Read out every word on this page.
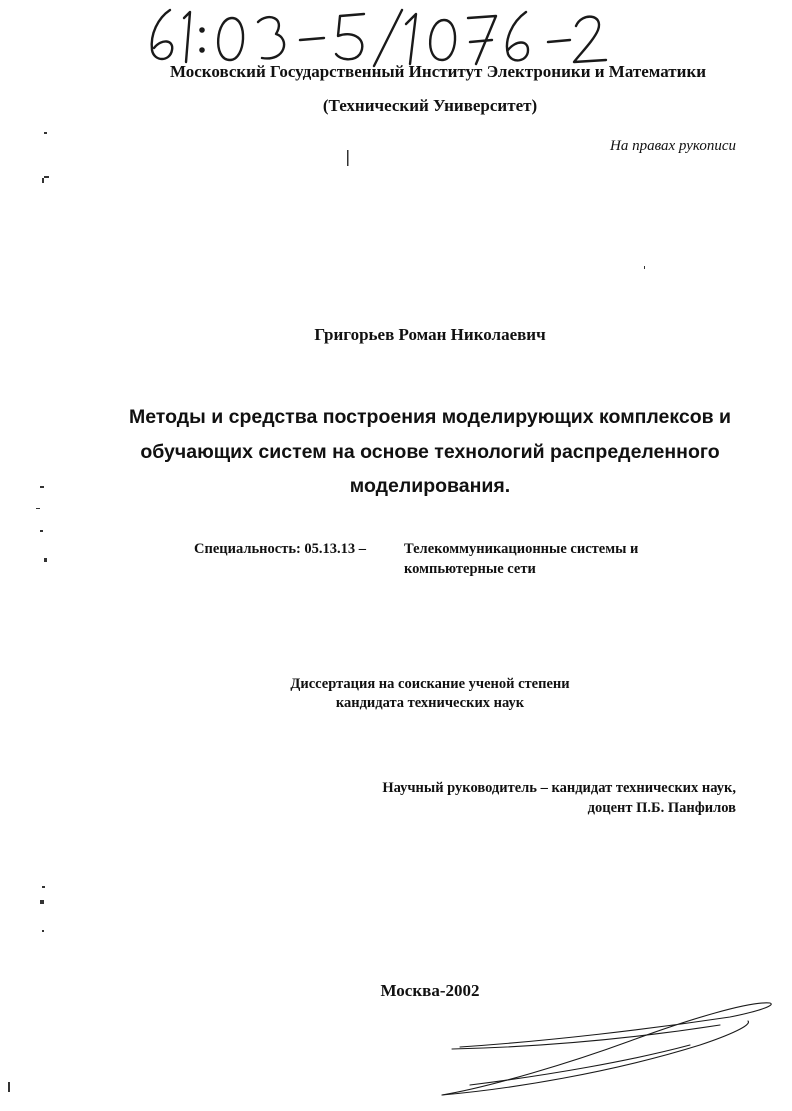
Московский Государственный Институт Электроники и Математики
(Технический Университет)
На правах рукописи
Григорьев Роман Николаевич
Методы и средства построения моделирующих комплексов и
обучающих систем на основе технологий распределенного
моделирования.
Специальность: 05.13.13 –	Телекоммуникационные системы и
компьютерные сети
Диссертация на соискание ученой степени
кандидата технических наук
Научный руководитель – кандидат технических наук,
доцент П.Б. Панфилов
Москва-2002
